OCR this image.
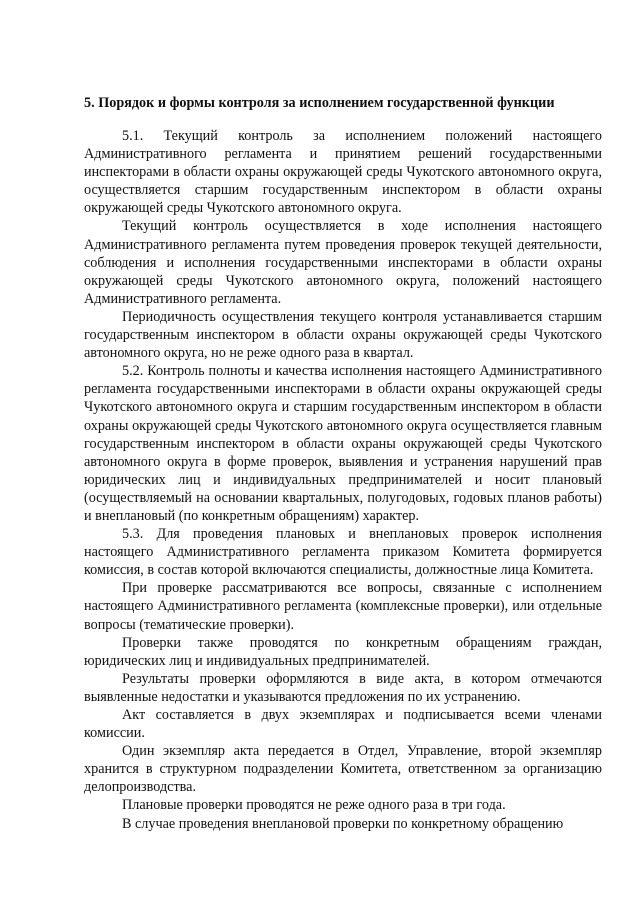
5. Порядок и формы контроля за исполнением государственной функции

5.1. Текущий контроль за исполнением положений настоящего Административного регламента и принятием решений государственными инспекторами в области охраны окружающей среды Чукотского автономного округа, осуществляется старшим государственным инспектором в области охраны окружающей среды Чукотского автономного округа.

Текущий контроль осуществляется в ходе исполнения настоящего Административного регламента путем проведения проверок текущей деятельности, соблюдения и исполнения государственными инспекторами в области охраны окружающей среды Чукотского автономного округа, положений настоящего Административного регламента.

Периодичность осуществления текущего контроля устанавливается старшим государственным инспектором в области охраны окружающей среды Чукотского автономного округа, но не реже одного раза в квартал.

5.2. Контроль полноты и качества исполнения настоящего Административного регламента государственными инспекторами в области охраны окружающей среды Чукотского автономного округа и старшим государственным инспектором в области охраны окружающей среды Чукотского автономного округа осуществляется главным государственным инспектором в области охраны окружающей среды Чукотского автономного округа в форме проверок, выявления и устранения нарушений прав юридических лиц и индивидуальных предпринимателей и носит плановый (осуществляемый на основании квартальных, полугодовых, годовых планов работы) и внеплановый (по конкретным обращениям) характер.

5.3. Для проведения плановых и внеплановых проверок исполнения настоящего Административного регламента приказом Комитета формируется комиссия, в состав которой включаются специалисты, должностные лица Комитета.

При проверке рассматриваются все вопросы, связанные с исполнением настоящего Административного регламента (комплексные проверки), или отдельные вопросы (тематические проверки).

Проверки также проводятся по конкретным обращениям граждан, юридических лиц и индивидуальных предпринимателей.

Результаты проверки оформляются в виде акта, в котором отмечаются выявленные недостатки и указываются предложения по их устранению.

Акт составляется в двух экземплярах и подписывается всеми членами комиссии.

Один экземпляр акта передается в Отдел, Управление, второй экземпляр хранится в структурном подразделении Комитета, ответственном за организацию делопроизводства.

Плановые проверки проводятся не реже одного раза в три года.

В случае проведения внеплановой проверки по конкретному обращению
